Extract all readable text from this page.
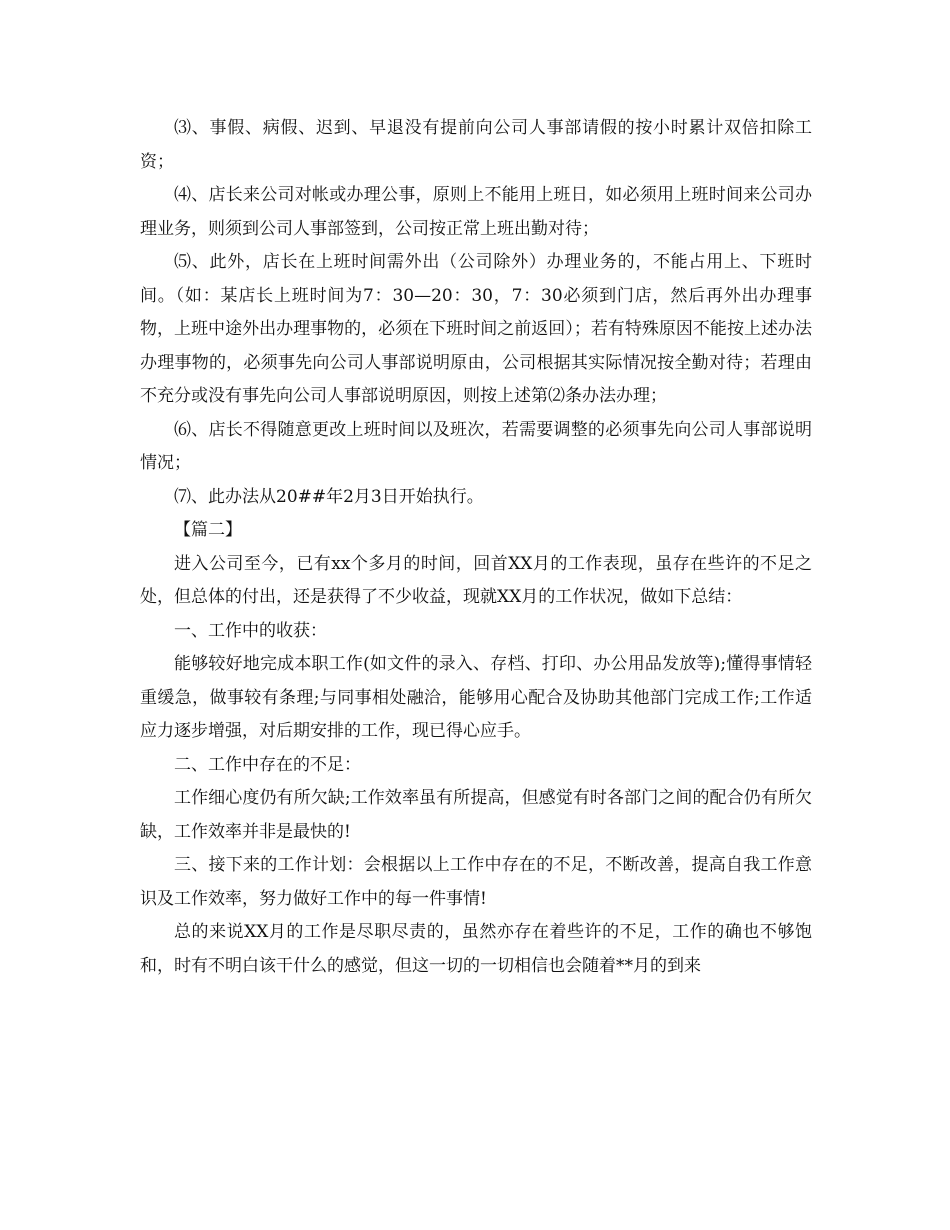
⑶、事假、病假、迟到、早退没有提前向公司人事部请假的按小时累计双倍扣除工资；

⑷、店长来公司对帐或办理公事，原则上不能用上班日，如必须用上班时间来公司办理业务，则须到公司人事部签到，公司按正常上班出勤对待；

⑸、此外，店长在上班时间需外出（公司除外）办理业务的，不能占用上、下班时间。（如：某店长上班时间为7：30—20：30，7：30必须到门店，然后再外出办理事物，上班中途外出办理事物的，必须在下班时间之前返回）；若有特殊原因不能按上述办法办理事物的，必须事先向公司人事部说明原由，公司根据其实际情况按全勤对待；若理由不充分或没有事先向公司人事部说明原因，则按上述第⑵条办法办理；

⑹、店长不得随意更改上班时间以及班次，若需要调整的必须事先向公司人事部说明情况；

⑺、此办法从20##年2月3日开始执行。

【篇二】

进入公司至今，已有xx个多月的时间，回首XX月的工作表现，虽存在些许的不足之处，但总体的付出，还是获得了不少收益，现就XX月的工作状况，做如下总结：

一、工作中的收获：

能够较好地完成本职工作(如文件的录入、存档、打印、办公用品发放等);懂得事情轻重缓急，做事较有条理;与同事相处融洽，能够用心配合及协助其他部门完成工作;工作适应力逐步增强，对后期安排的工作，现已得心应手。

二、工作中存在的不足：

工作细心度仍有所欠缺;工作效率虽有所提高，但感觉有时各部门之间的配合仍有所欠缺，工作效率并非是最快的!

三、接下来的工作计划：会根据以上工作中存在的不足，不断改善，提高自我工作意识及工作效率，努力做好工作中的每一件事情!

总的来说XX月的工作是尽职尽责的，虽然亦存在着些许的不足，工作的确也不够饱和，时有不明白该干什么的感觉，但这一切的一切相信也会随着**月的到来
